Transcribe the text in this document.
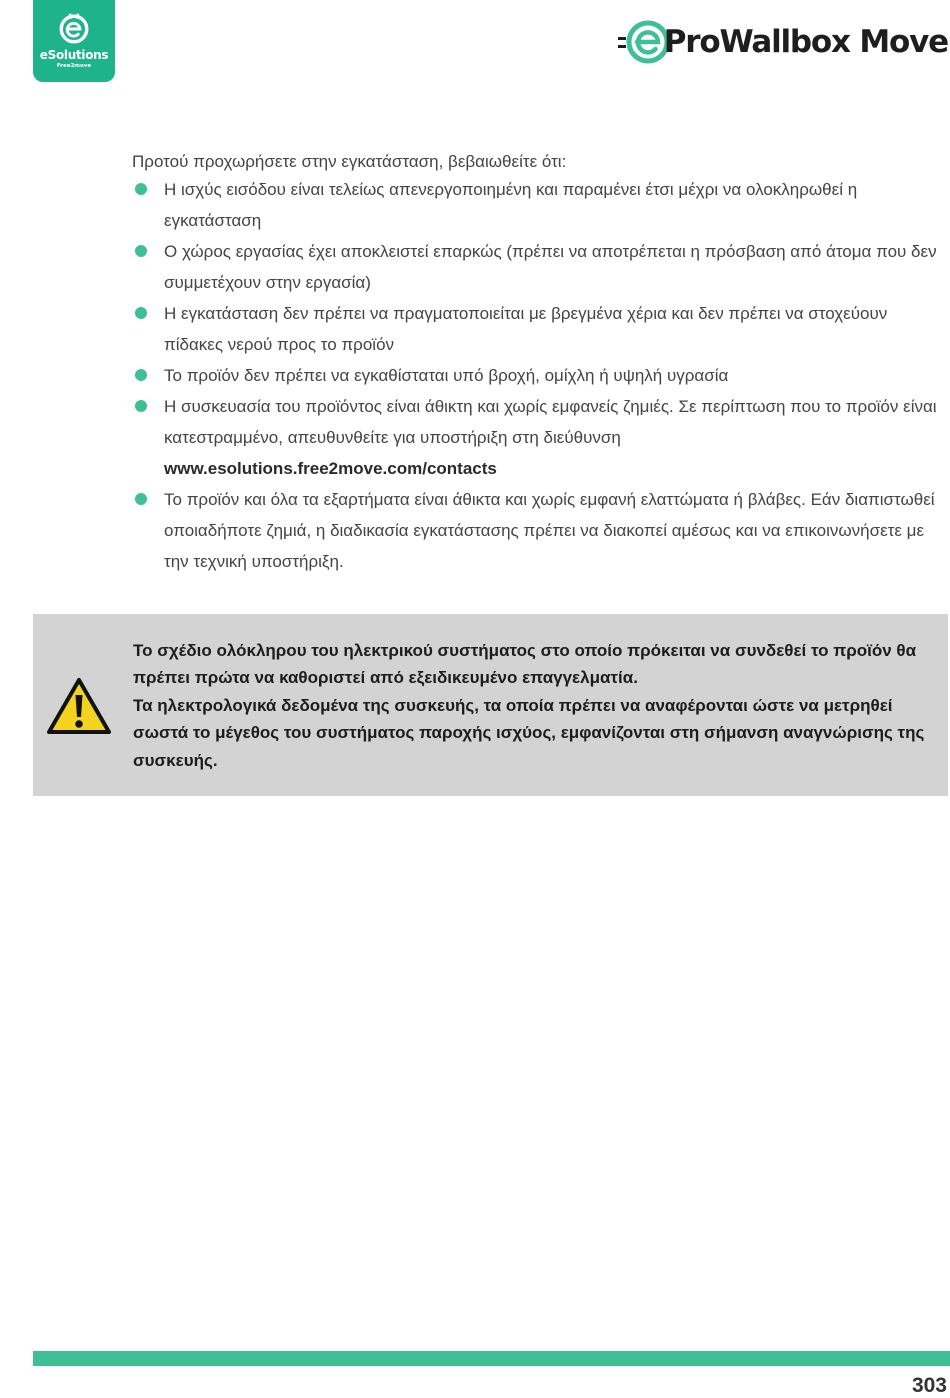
eSolutions
Free2move
ProWallbox Move

Προτού προχωρήσετε στην εγκατάσταση, βεβαιωθείτε ότι:

Η ισχύς εισόδου είναι τελείως απενεργοποιημένη και παραμένει έτσι μέχρι να ολοκληρωθεί η εγκατάσταση
Ο χώρος εργασίας έχει αποκλειστεί επαρκώς (πρέπει να αποτρέπεται η πρόσβαση από άτομα που δεν συμμετέχουν στην εργασία)
Η εγκατάσταση δεν πρέπει να πραγματοποιείται με βρεγμένα χέρια και δεν πρέπει να στοχεύουν πίδακες νερού προς το προϊόν
Το προϊόν δεν πρέπει να εγκαθίσταται υπό βροχή, ομίχλη ή υψηλή υγρασία
Η συσκευασία του προϊόντος είναι άθικτη και χωρίς εμφανείς ζημιές. Σε περίπτωση που το προϊόν είναι κατεστραμμένο, απευθυνθείτε για υποστήριξη στη διεύθυνση
www.esolutions.free2move.com/contacts
Το προϊόν και όλα τα εξαρτήματα είναι άθικτα και χωρίς εμφανή ελαττώματα ή βλάβες. Εάν διαπιστωθεί οποιαδήποτε ζημιά, η διαδικασία εγκατάστασης πρέπει να διακοπεί αμέσως και να επικοινωνήσετε με την τεχνική υποστήριξη.

Το σχέδιο ολόκληρου του ηλεκτρικού συστήματος στο οποίο πρόκειται να συνδεθεί το προϊόν θα πρέπει πρώτα να καθοριστεί από εξειδικευμένο επαγγελματία.

Τα ηλεκτρολογικά δεδομένα της συσκευής, τα οποία πρέπει να αναφέρονται ώστε να μετρηθεί σωστά το μέγεθος του συστήματος παροχής ισχύος, εμφανίζονται στη σήμανση αναγνώρισης της συσκευής.

303
